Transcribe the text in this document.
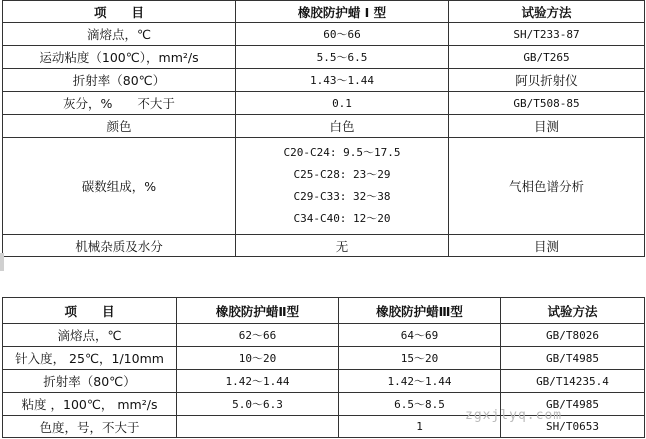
项　　目	橡胶防护蜡 I 型	试验方法
滴熔点，℃	60～66	SH/T233-87
运动粘度（100℃），mm²/s	5.5～6.5	GB/T265
折射率（80℃）	1.43～1.44	阿贝折射仪
灰分，%　　不大于	0.1	GB/T508-85
颜色	白色	目测
碳数组成，%	C20-C24: 9.5～17.5
C25-C28: 23～29
C29-C33: 32～38
C34-C40: 12～20	气相色谱分析
机械杂质及水分	无	目测
项　　目	橡胶防护蜡Ⅱ型	橡胶防护蜡Ⅲ型	试验方法
滴熔点，℃	62～66	64～69	GB/T8026
针入度， 25℃，1/10mm	10～20	15～20	GB/T4985
折射率（80℃）	1.42～1.44	1.42～1.44	GB/T14235.4
粘度 ，100℃， mm²/s	5.0～6.3	6.5～8.5	GB/T4985
色度，号，不大于		1	SH/T0653
zgxjlyq.com
